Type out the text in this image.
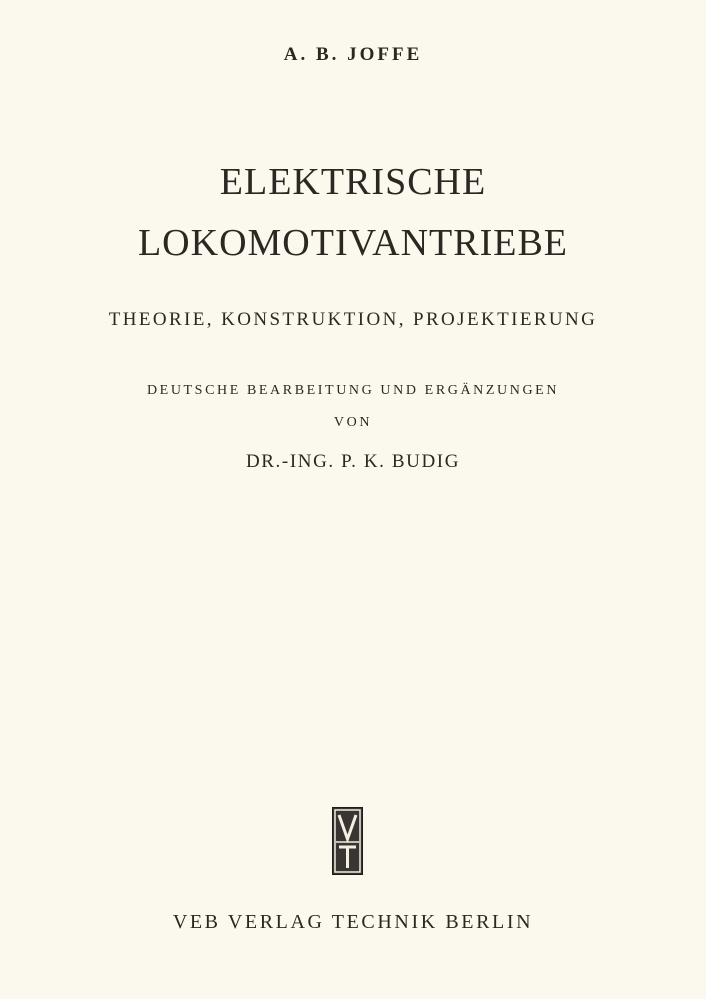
A. B. JOFFE
ELEKTRISCHE
LOKOMOTIVANTRIEBE
THEORIE, KONSTRUKTION, PROJEKTIERUNG
DEUTSCHE BEARBEITUNG UND ERGÄNZUNGEN
VON
DR.-ING. P. K. BUDIG
VEB VERLAG TECHNIK BERLIN
